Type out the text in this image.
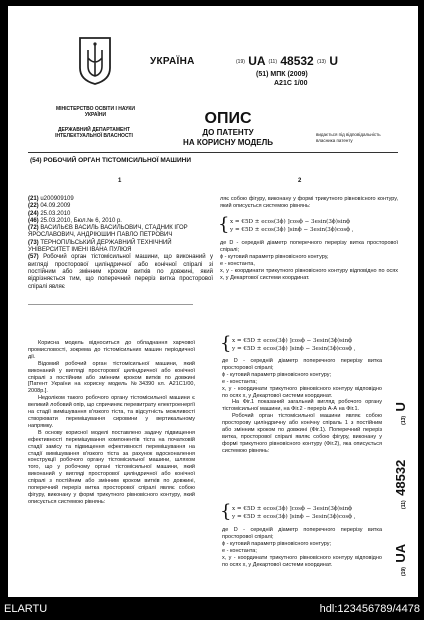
МІНІСТЕРСТВО ОСВІТИ І НАУКИ УКРАЇНИ
ДЕРЖАВНИЙ ДЕПАРТАМЕНТ ІНТЕЛЕКТУАЛЬНОЇ ВЛАСНОСТІ
УКРАЇНА	(19) UA (11) 48532 (13) U
(51) МПК (2009)
A21C 1/00
ОПИС
ДО ПАТЕНТУ
НА КОРИСНУ МОДЕЛЬ
видається під відповідальність власника патенту
(54) РОБОЧИЙ ОРГАН ТІСТОМІСИЛЬНОЇ МАШИНИ
1	2
(21) u200909109
(22) 04.09.2009
(24) 25.03.2010
(46) 25.03.2010, Бюл.№ 6, 2010 р.
(72) ВАСИЛЬЄВ ВАСИЛЬ ВАСИЛЬОВИЧ, СТАДНИК ІГОР ЯРОСЛАВОВИЧ, АНДРІЮШИН ПАВЛО ПЕТРОВИЧ
(73) ТЕРНОПІЛЬСЬКИЙ ДЕРЖАВНИЙ ТЕХНІЧНИЙ УНІВЕРСИТЕТ ІМЕНІ ІВАНА ПУЛЮЯ
(57) Робочий орган тістомісильної машини, що виконаний у вигляді просторової циліндричної або конічної спіралі зі постійним або змінним кроком витків по довжині, який відрізняється тим, що поперечний переріз витка просторової спіралі являє
ляє собою фігуру, виконану у формі трикутного рівновісного контуру, який описується системою рівнянь:
{ x = €5D ± ecos(3ϕ) ]cosϕ − 3esin(3ϕ)sinϕ
y = €5D ± ecos(3ϕ) ]sinϕ − 3esin(3ϕ)cosϕ ,
де D - середній діаметр поперечного перерізу витка просторової спіралі;
ϕ - кутовий параметр рівновісного контуру,
e - константа,
x, y - координати трикутного рівновісного контуру відповідно по осях x, y Декартової системи координат.
Корисна модель відноситься до обладнання харчової промисловості, зокрема до тістомісильних машин періодичної дії.
Відомий робочий орган тістомісильної машини, який виконаний у вигляді просторової циліндричної або конічної спіралі з постійним або змінним кроком витків по довжині [Патент України на корисну модель №34390 кл. A21C1/00, 2008р.].
Недоліком такого робочого органу тістомісильної машини є великий лобовий опір, що спричиняє перевитрату електроенергії на стадії вимішування в'язкого тіста, та відсутність можливості створювати перемішування сировини у вертикальному напрямку.
В основу корисної моделі поставлено задачу підвищення ефективності перемішування компонентів тіста на початковій стадії замісу та підвищення ефективності перемішування на стадії вимішування в'язкого тіста за рахунок вдосконалення конструкції робочого органу тістомісильної машини, шляхом того, що у робочому органі тістомісильної машини, який виконаний у вигляді просторової циліндричної або конічної спіралі з постійним або змінним кроком витків по довжині, поперечний переріз витка просторової спіралі являє собою фігуру, виконану у формі трикутного рівновісного контуру, який описується системою рівнянь:
{ x = €5D ± ecos(3ϕ) ]cosϕ − 3esin(3ϕ)sinϕ
y = €5D ± ecos(3ϕ) ]sinϕ − 3esin(3ϕ)cosϕ ,
де D - середній діаметр поперечного перерізу витка просторової спіралі;
ϕ - кутовий параметр рівновісного контуру;
e - константа;
x, y - координати трикутного рівновісного контуру відповідно по осях x, y Декартової системи координат.
На Фіг.1 показаний загальний вигляд робочого органу тістомісильної машини, на Фіг.2 - переріз А-А на Фіг.1.
Робочий орган тістомісильної машини являє собою просторову циліндричну або конічну спіраль 1 з постійним або змінним кроком по довжині (Фіг.1). Поперечний переріз витка, просторової спіралі являє собою фігуру, виконану у формі трикутного рівновісного контуру (Фіг.2), яка описується системою рівнянь:
{ x = €5D ± ecos(3ϕ) ]cosϕ − 3esin(3ϕ)sinϕ
y = €5D ± ecos(3ϕ) ]sinϕ − 3esin(3ϕ)cosϕ ,
де D - середній діаметр поперечного перерізу витка просторової спіралі;
ϕ - кутовий параметр рівновісного контуру;
e - константа;
x, y - координати трикутного рівновісного контуру відповідно по осях x, y Декартової системи координат.
(19) UA  (11) 48532  (13) U
ELARTU	hdl:123456789/4478
